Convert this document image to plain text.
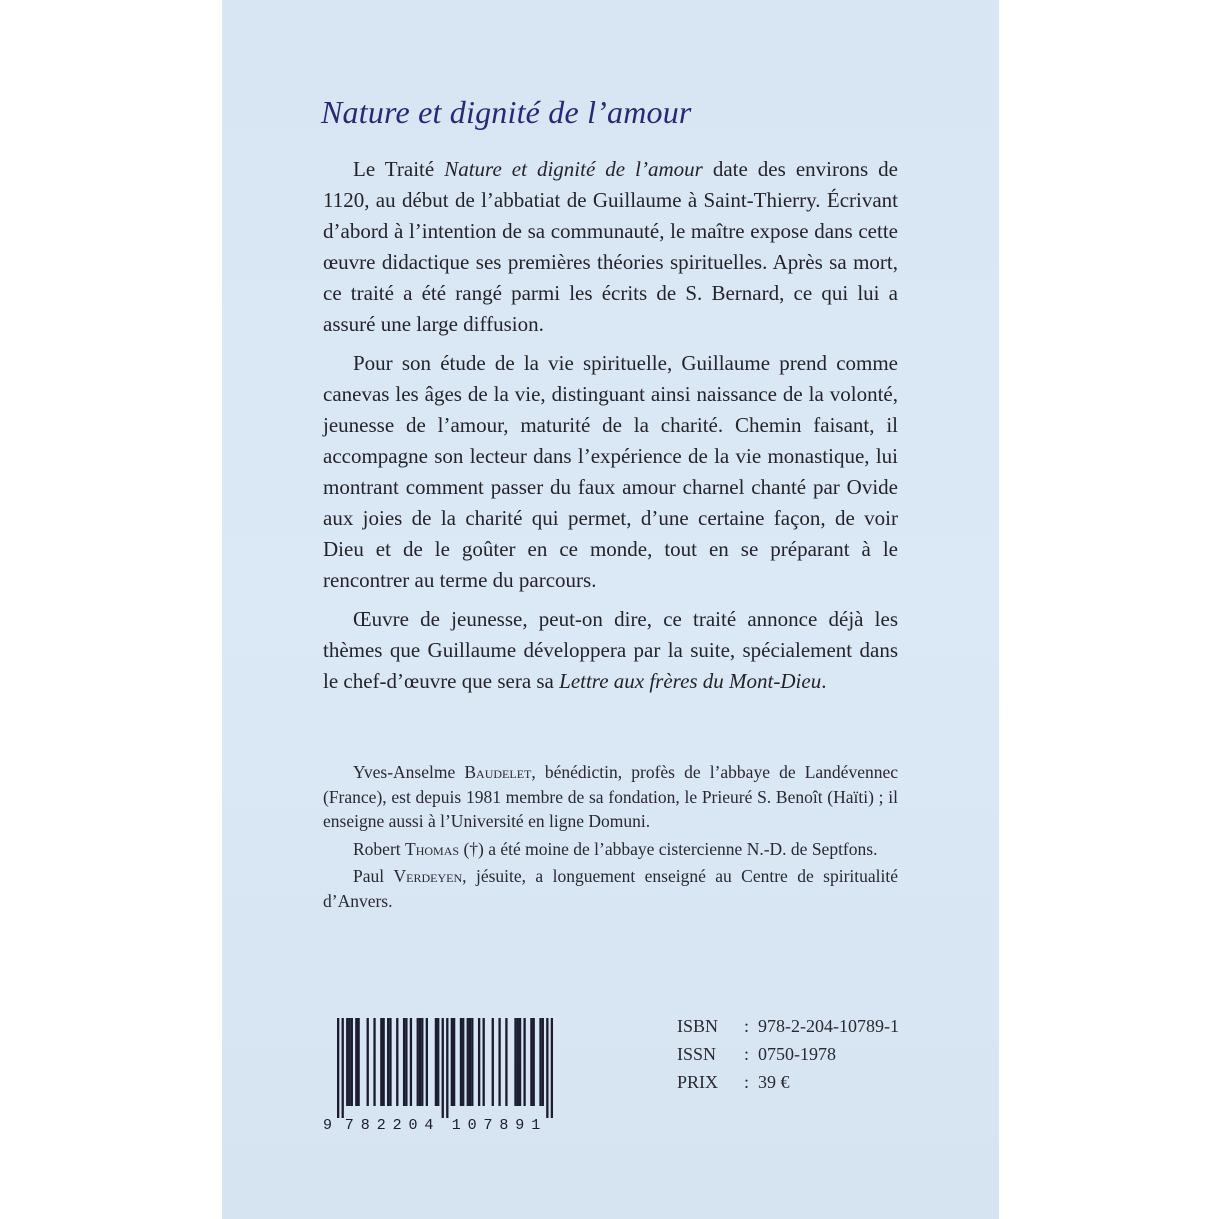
Nature et dignité de l’amour

Le Traité Nature et dignité de l’amour date des environs de 1120, au début de l’abbatiat de Guillaume à Saint-Thierry. Écrivant d’abord à l’intention de sa communauté, le maître expose dans cette œuvre didactique ses premières théories spirituelles. Après sa mort, ce traité a été rangé parmi les écrits de S. Bernard, ce qui lui a assuré une large diffusion.

Pour son étude de la vie spirituelle, Guillaume prend comme canevas les âges de la vie, distinguant ainsi naissance de la volonté, jeunesse de l’amour, maturité de la charité. Chemin faisant, il accompagne son lecteur dans l’expérience de la vie monastique, lui montrant comment passer du faux amour charnel chanté par Ovide aux joies de la charité qui permet, d’une certaine façon, de voir Dieu et de le goûter en ce monde, tout en se préparant à le rencontrer au terme du parcours.

Œuvre de jeunesse, peut-on dire, ce traité annonce déjà les thèmes que Guillaume développera par la suite, spécialement dans le chef-d’œuvre que sera sa Lettre aux frères du Mont-Dieu.

Yves-Anselme Baudelet, bénédictin, profès de l’abbaye de Landévennec (France), est depuis 1981 membre de sa fondation, le Prieuré S. Benoît (Haïti) ; il enseigne aussi à l’Université en ligne Domuni.

Robert Thomas (†) a été moine de l’abbaye cistercienne N.-D. de Septfons.

Paul Verdeyen, jésuite, a longuement enseigné au Centre de spiritualité d’Anvers.

9 7 8 2 2 0 4 1 0 7 8 9 1
ISBN	: 978-2-204-10789-1
ISSN	: 0750-1978
PRIX	: 39 €
